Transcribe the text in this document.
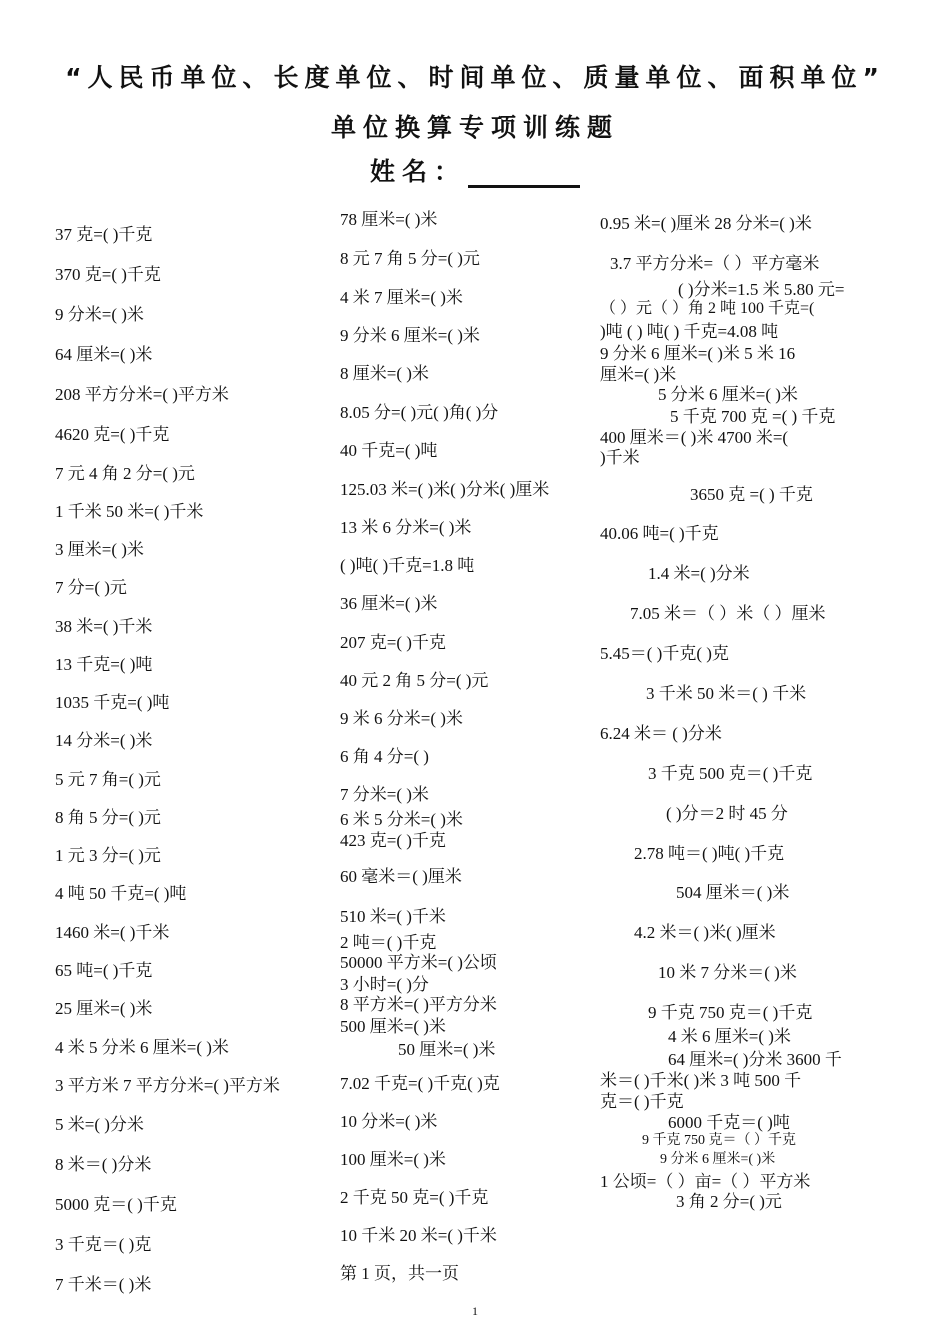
“人民币单位、长度单位、时间单位、质量单位、面积单位”
单位换算专项训练题
姓名：
37 克=( )千克
370 克=( )千克
9 分米=( )米
64 厘米=( )米
208 平方分米=( )平方米
4620 克=( )千克
7 元 4 角 2 分=( )元
1 千米 50 米=( )千米
3 厘米=( )米
7 分=( )元
38 米=( )千米
13 千克=( )吨
1035 千克=( )吨
14 分米=( )米
5 元 7 角=( )元
8 角 5 分=( )元
1 元 3 分=( )元
4 吨 50 千克=( )吨
1460 米=( )千米
65 吨=( )千克
25 厘米=( )米
4 米 5 分米 6 厘米=( )米
3 平方米 7 平方分米=( )平方米
5 米=( )分米
8 米＝( )分米
5000 克＝( )千克
3 千克＝( )克
7 千米＝( )米
78 厘米=( )米
8 元 7 角 5 分=( )元
4 米 7 厘米=( )米
9 分米 6 厘米=( )米
8 厘米=( )米
8.05 分=( )元( )角( )分
40 千克=( )吨
125.03 米=( )米( )分米( )厘米
13 米 6 分米=( )米
( )吨( )千克=1.8 吨
36 厘米=( )米
207 克=( )千克
40 元 2 角 5 分=( )元
9 米 6 分米=( )米
6 角 4 分=( )
7 分米=( )米
6 米 5 分米=( )米
423 克=( )千克
60 毫米＝( )厘米
510 米=( )千米
2 吨＝( )千克
50000 平方米=( )公顷
3 小时=( )分
8 平方米=( )平方分米
500 厘米=( )米
50 厘米=( )米
7.02 千克=( )千克( )克
10 分米=( )米
100 厘米=( )米
2 千克 50 克=( )千克
10 千米 20 米=( )千米
第 1 页，共一页
0.95 米=( )厘米 28 分米=( )米
3.7 平方分米=（ ）平方毫米
( )分米=1.5 米 5.80 元=
（ ）元（ ）角 2 吨 100 千克=(
)吨 ( ) 吨( ) 千克=4.08 吨
9 分米 6 厘米=( )米 5 米 16
厘米=( )米
5 分米 6 厘米=( )米
5 千克 700 克 =( ) 千克
400 厘米＝( )米 4700 米=(
)千米
3650 克 =( ) 千克
40.06 吨=( )千克
1.4 米=( )分米
7.05 米＝（ ）米（ ）厘米
5.45＝( )千克( )克
3 千米 50 米＝( ) 千米
6.24 米＝ ( )分米
3 千克 500 克＝( )千克
( )分＝2 时 45 分
2.78 吨＝( )吨( )千克
504 厘米＝( )米
4.2 米＝( )米( )厘米
10 米 7 分米＝( )米
9 千克 750 克＝( )千克
4 米 6 厘米=( )米
64 厘米=( )分米 3600 千
米＝( )千米( )米 3 吨 500 千
克＝( )千克
6000 千克＝( )吨
9 千克 750 克＝（ ）千克
9 分米 6 厘米=( )米
1 公顷=（ ）亩=（ ）平方米
3 角 2 分=( )元
1
